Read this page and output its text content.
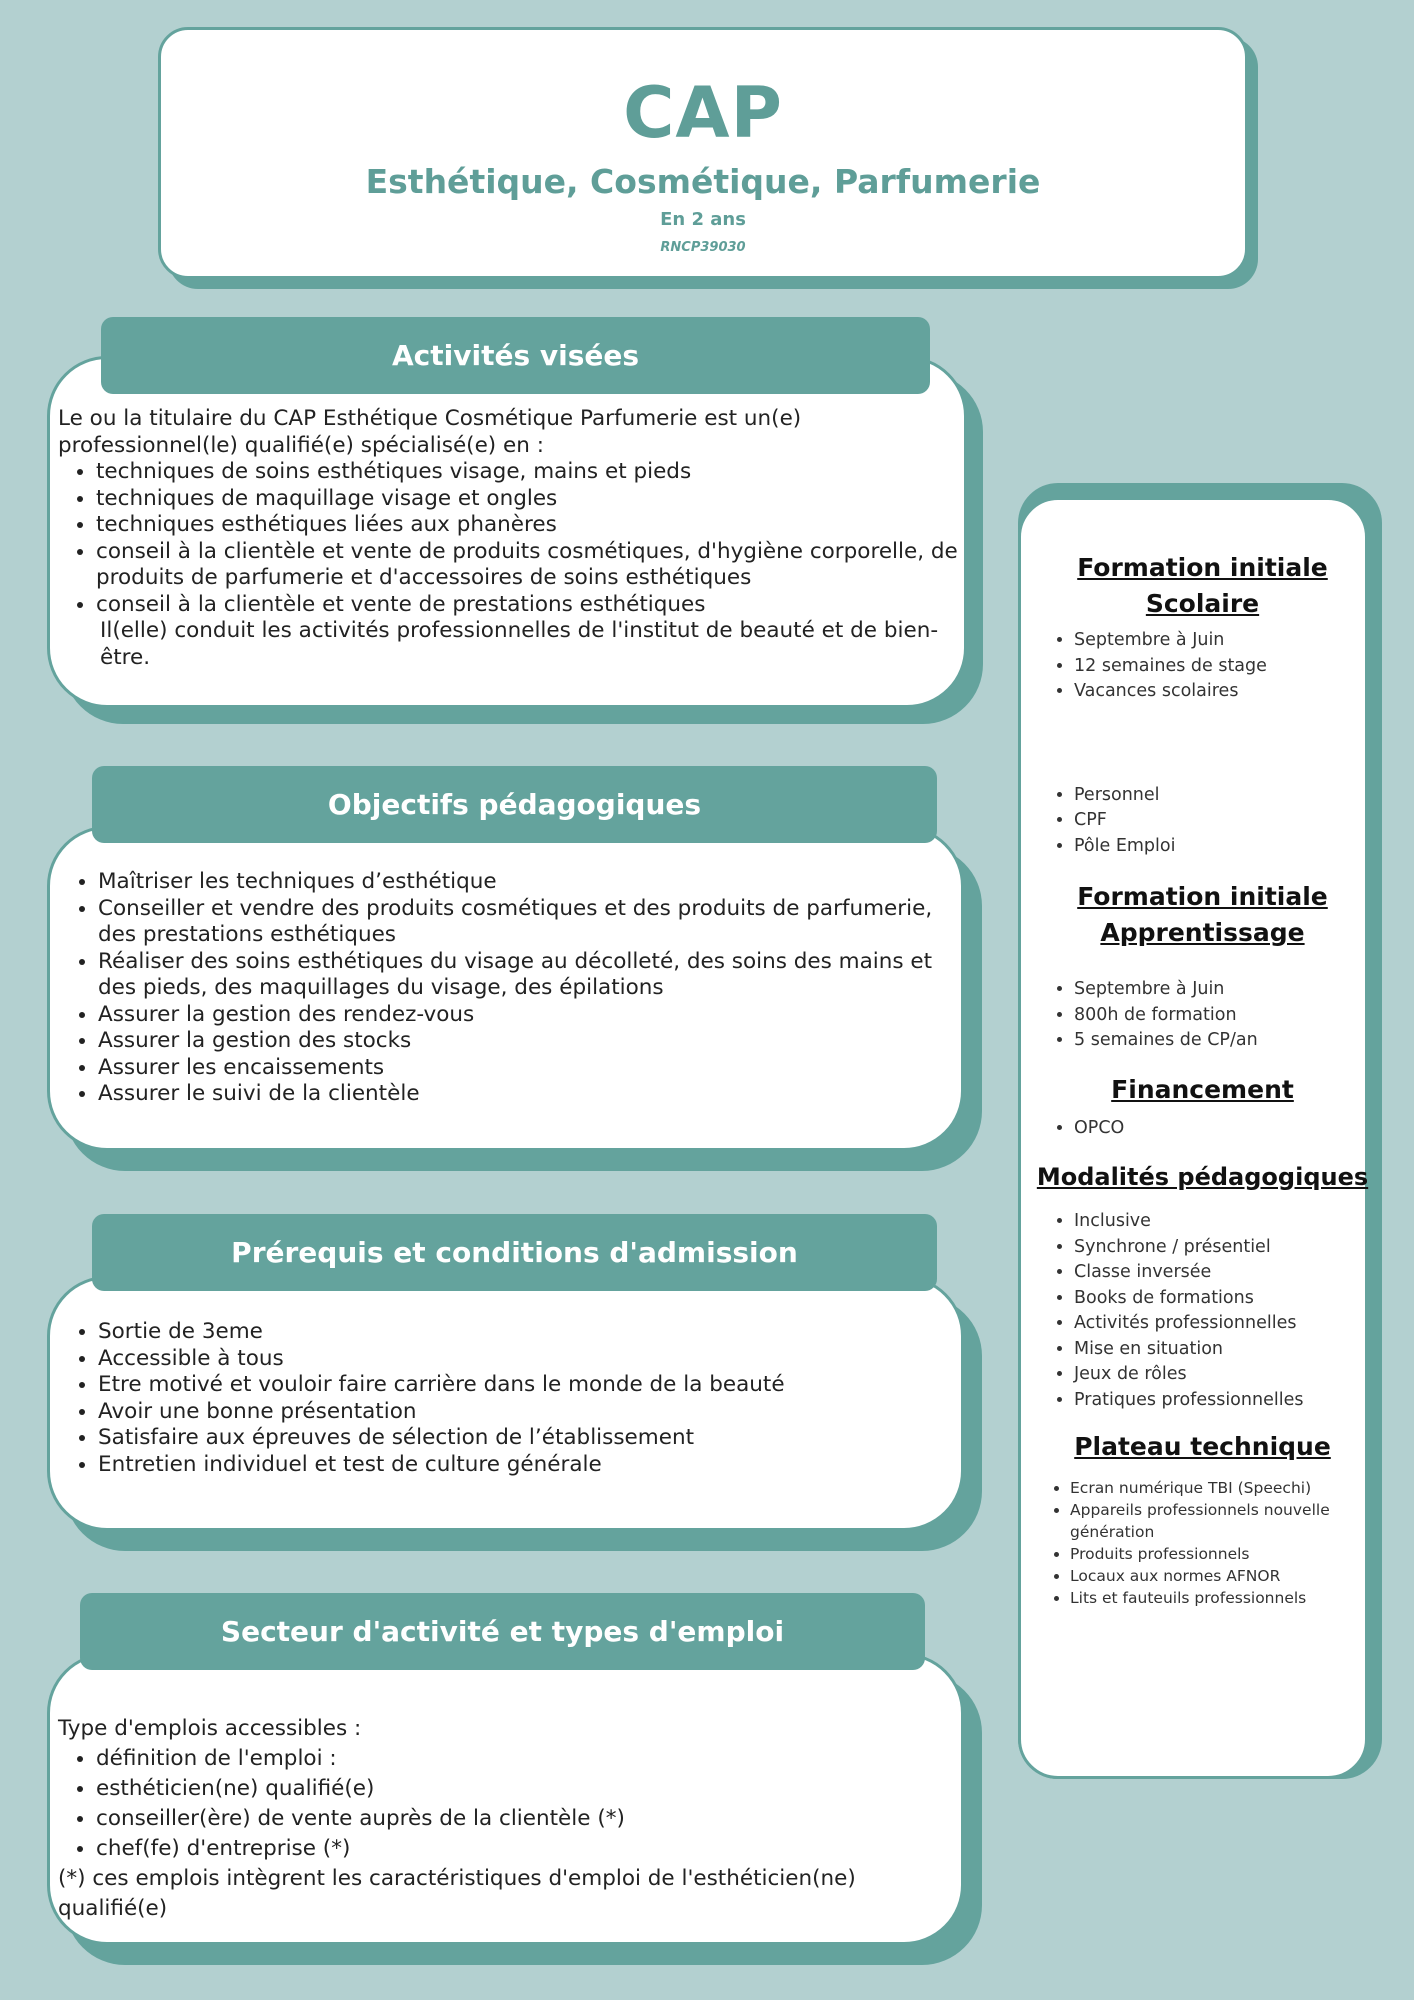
CAP
Esthétique, Cosmétique, Parfumerie
En 2 ans
RNCP39030
Activités visées
Le ou la titulaire du CAP Esthétique Cosmétique Parfumerie est un(e) professionnel(le) qualifié(e) spécialisé(e) en :
• techniques de soins esthétiques visage, mains et pieds
• techniques de maquillage visage et ongles
• techniques esthétiques liées aux phanères
• conseil à la clientèle et vente de produits cosmétiques, d'hygiène corporelle, de produits de parfumerie et d'accessoires de soins esthétiques
• conseil à la clientèle et vente de prestations esthétiques
Il(elle) conduit les activités professionnelles de l'institut de beauté et de bien-être.
Objectifs pédagogiques
• Maîtriser les techniques d’esthétique
• Conseiller et vendre des produits cosmétiques et des produits de parfumerie, des prestations esthétiques
• Réaliser des soins esthétiques du visage au décolleté, des soins des mains et des pieds, des maquillages du visage, des épilations
• Assurer la gestion des rendez-vous
• Assurer la gestion des stocks
• Assurer les encaissements
• Assurer le suivi de la clientèle
Prérequis et conditions d'admission
• Sortie de 3eme
• Accessible à tous
• Etre motivé et vouloir faire carrière dans le monde de la beauté
• Avoir une bonne présentation
• Satisfaire aux épreuves de sélection de l’établissement
• Entretien individuel et test de culture générale
Secteur d'activité et types d'emploi
Type d'emplois accessibles :
• définition de l'emploi :
• esthéticien(ne) qualifié(e)
• conseiller(ère) de vente auprès de la clientèle (*)
• chef(fe) d'entreprise (*)
(*) ces emplois intègrent les caractéristiques d'emploi de l'esthéticien(ne) qualifié(e)
Formation initiale
Scolaire
• Septembre à Juin
• 12 semaines de stage
• Vacances scolaires
• Personnel
• CPF
• Pôle Emploi
Formation initiale
Apprentissage
• Septembre à Juin
• 800h de formation
• 5 semaines de CP/an
Financement
• OPCO
Modalités pédagogiques
• Inclusive
• Synchrone / présentiel
• Classe inversée
• Books de formations
• Activités professionnelles
• Mise en situation
• Jeux de rôles
• Pratiques professionnelles
Plateau technique
• Ecran numérique TBI (Speechi)
• Appareils professionnels nouvelle génération
• Produits professionnels
• Locaux aux normes AFNOR
• Lits et fauteuils professionnels
